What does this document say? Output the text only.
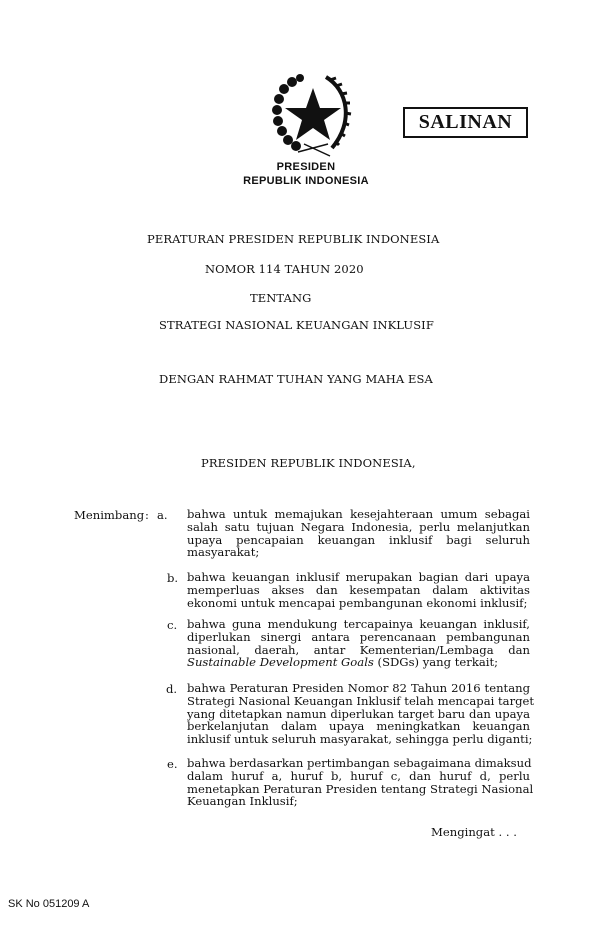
SALINAN
PRESIDEN
REPUBLIK INDONESIA
PERATURAN PRESIDEN REPUBLIK INDONESIA
NOMOR 114 TAHUN 2020
TENTANG
STRATEGI NASIONAL KEUANGAN INKLUSIF
DENGAN RAHMAT TUHAN YANG MAHA ESA
PRESIDEN REPUBLIK INDONESIA,
Menimbang : a. bahwa untuk memajukan kesejahteraan umum sebagai
salah satu tujuan Negara Indonesia, perlu melanjutkan
upaya pencapaian keuangan inklusif bagi seluruh
masyarakat;
b. bahwa keuangan inklusif merupakan bagian dari upaya
memperluas akses dan kesempatan dalam aktivitas
ekonomi untuk mencapai pembangunan ekonomi inklusif;
c. bahwa guna mendukung tercapainya keuangan inklusif,
diperlukan sinergi antara perencanaan pembangunan
nasional, daerah, antar Kementerian/Lembaga dan
Sustainable Development Goals (SDGs) yang terkait;
d. bahwa Peraturan Presiden Nomor 82 Tahun 2016 tentang
Strategi Nasional Keuangan Inklusif telah mencapai target
yang ditetapkan namun diperlukan target baru dan upaya
berkelanjutan dalam upaya meningkatkan keuangan
inklusif untuk seluruh masyarakat, sehingga perlu diganti;
e. bahwa berdasarkan pertimbangan sebagaimana dimaksud
dalam huruf a, huruf b, huruf c, dan huruf d, perlu
menetapkan Peraturan Presiden tentang Strategi Nasional
Keuangan Inklusif;
Mengingat . . .
SK No 051209 A
